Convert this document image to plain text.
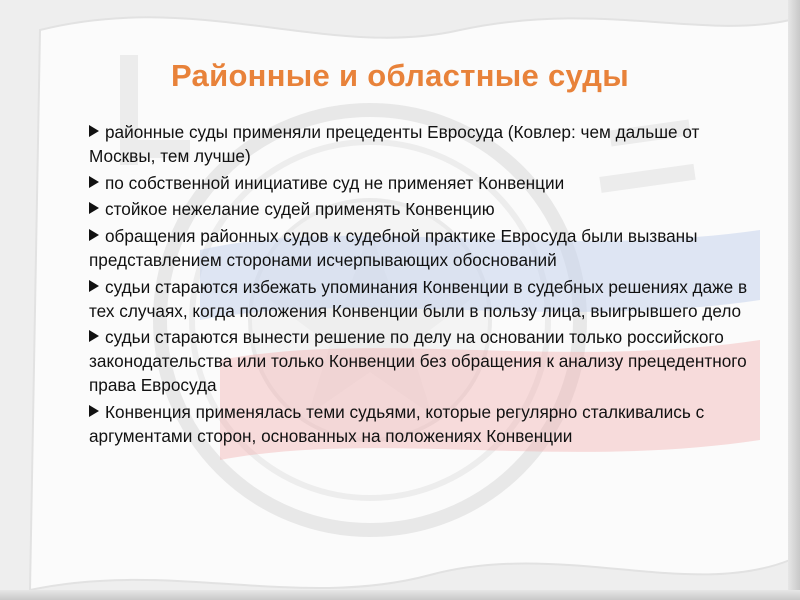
Районные и областные суды
районные суды применяли прецеденты Евросуда (Ковлер: чем дальше от Москвы, тем лучше)
по собственной инициативе суд не применяет Конвенции
стойкое нежелание судей применять Конвенцию
обращения районных судов к судебной практике Евросуда были вызваны представлением сторонами исчерпывающих обоснований
судьи стараются избежать упоминания Конвенции в судебных решениях даже в тех случаях, когда положения Конвенции были в пользу лица, выигрывшего дело
судьи стараются вынести решение по делу на основании только российского законодательства или только Конвенции без обращения к анализу прецедентного права Евросуда
Конвенция применялась теми судьями, которые регулярно сталкивались с аргументами сторон, основанных на положениях Конвенции
